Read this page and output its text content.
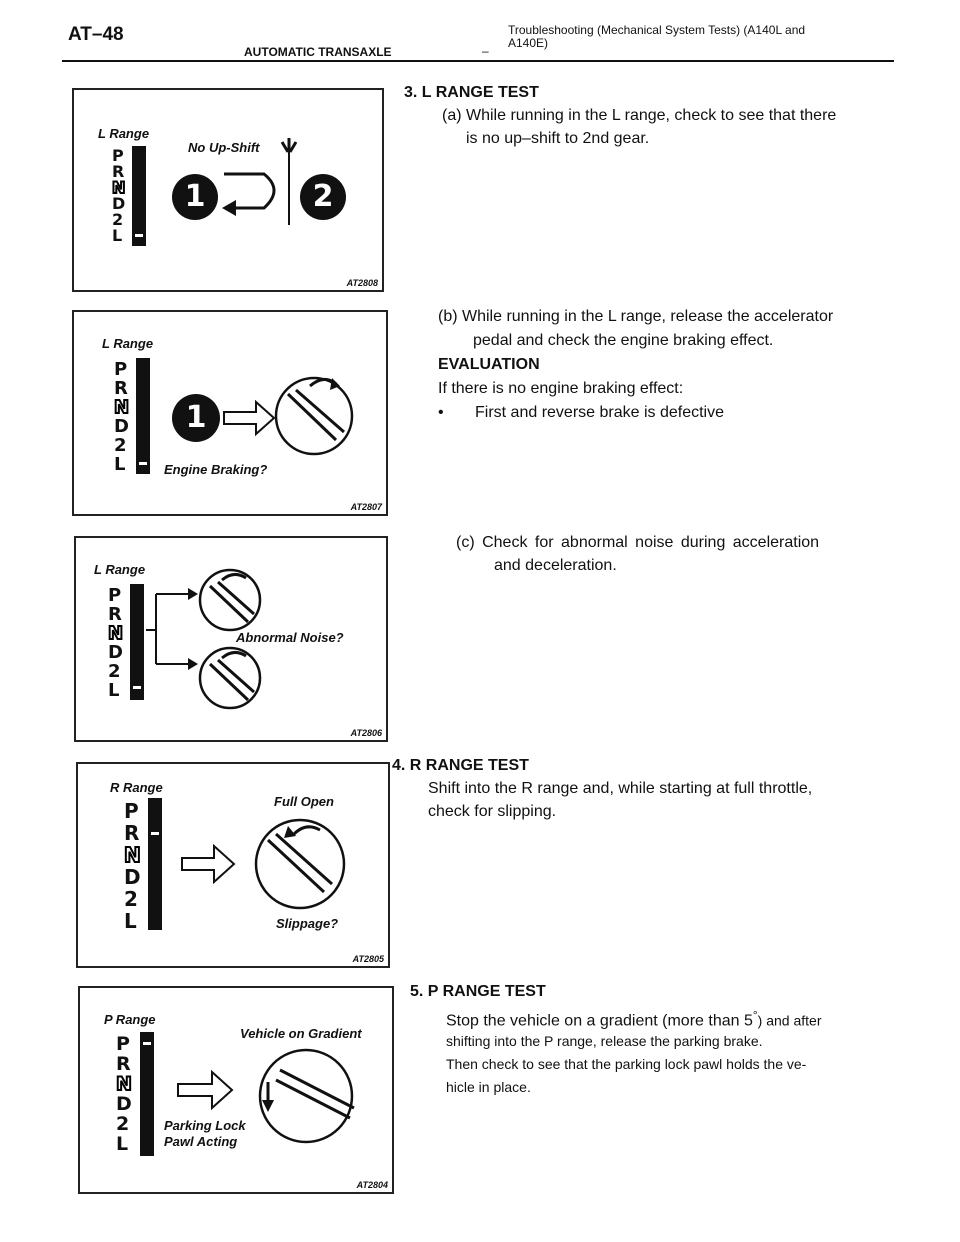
AT–48
AUTOMATIC TRANSAXLE	–
Troubleshooting (Mechanical System Tests) (A140L and A140E)
L Range
P
R
N
D
2
L
No Up-Shift
1	2
AT2808
L Range
P
R
N
D
2
L
1
Engine Braking?
AT2807
L Range
P
R
N
D
2
L
Abnormal Noise?
AT2806
R Range
P
R
N
D
2
L
Full Open
Slippage?
AT2805
P Range
P
R
N
D
2
L
Vehicle on Gradient
Parking Lock
Pawl Acting
AT2804
3. L RANGE TEST
(a) While running in the L range, check to see that there
is no up–shift to 2nd gear.
(b) While running in the L range, release the accelerator
pedal and check the engine braking effect.
EVALUATION
If there is no engine braking effect:
• First and reverse brake is defective
(c) Check for abnormal noise during acceleration
and deceleration.
4. R RANGE TEST
Shift into the R range and, while starting at full throttle,
check for slipping.
5. P RANGE TEST
Stop the vehicle on a gradient (more than 5°) and after
shifting into the P range, release the parking brake.
Then check to see that the parking lock pawl holds the ve-
hicle in place.
